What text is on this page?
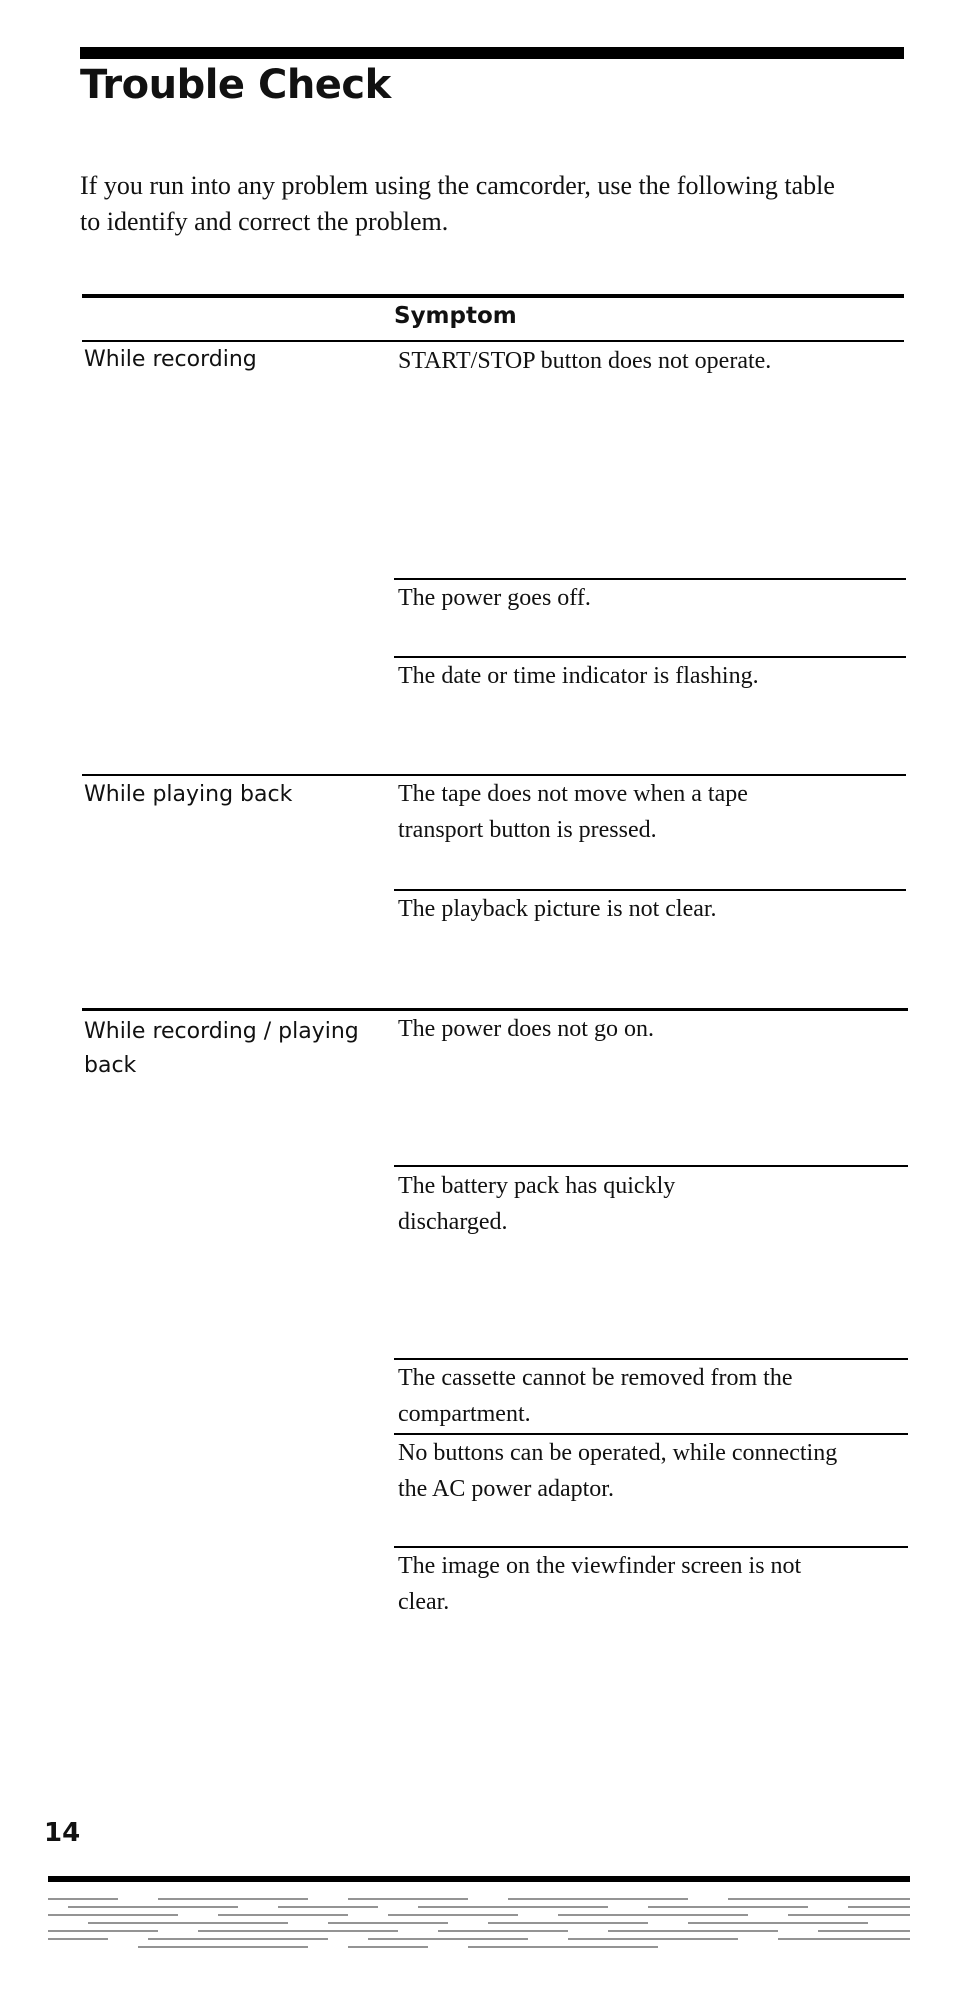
Trouble Check
If you run into any problem using the camcorder, use the following table to identify and correct the problem.
Symptom
While recording	START/STOP button does not operate.
The power goes off.
The date or time indicator is flashing.
While playing back	The tape does not move when a tape transport button is pressed.
The playback picture is not clear.
While recording / playing back
The power does not go on.
The battery pack has quickly discharged.
The cassette cannot be removed from the compartment.
No buttons can be operated, while connecting the AC power adaptor.
The image on the viewfinder screen is not clear.
14
